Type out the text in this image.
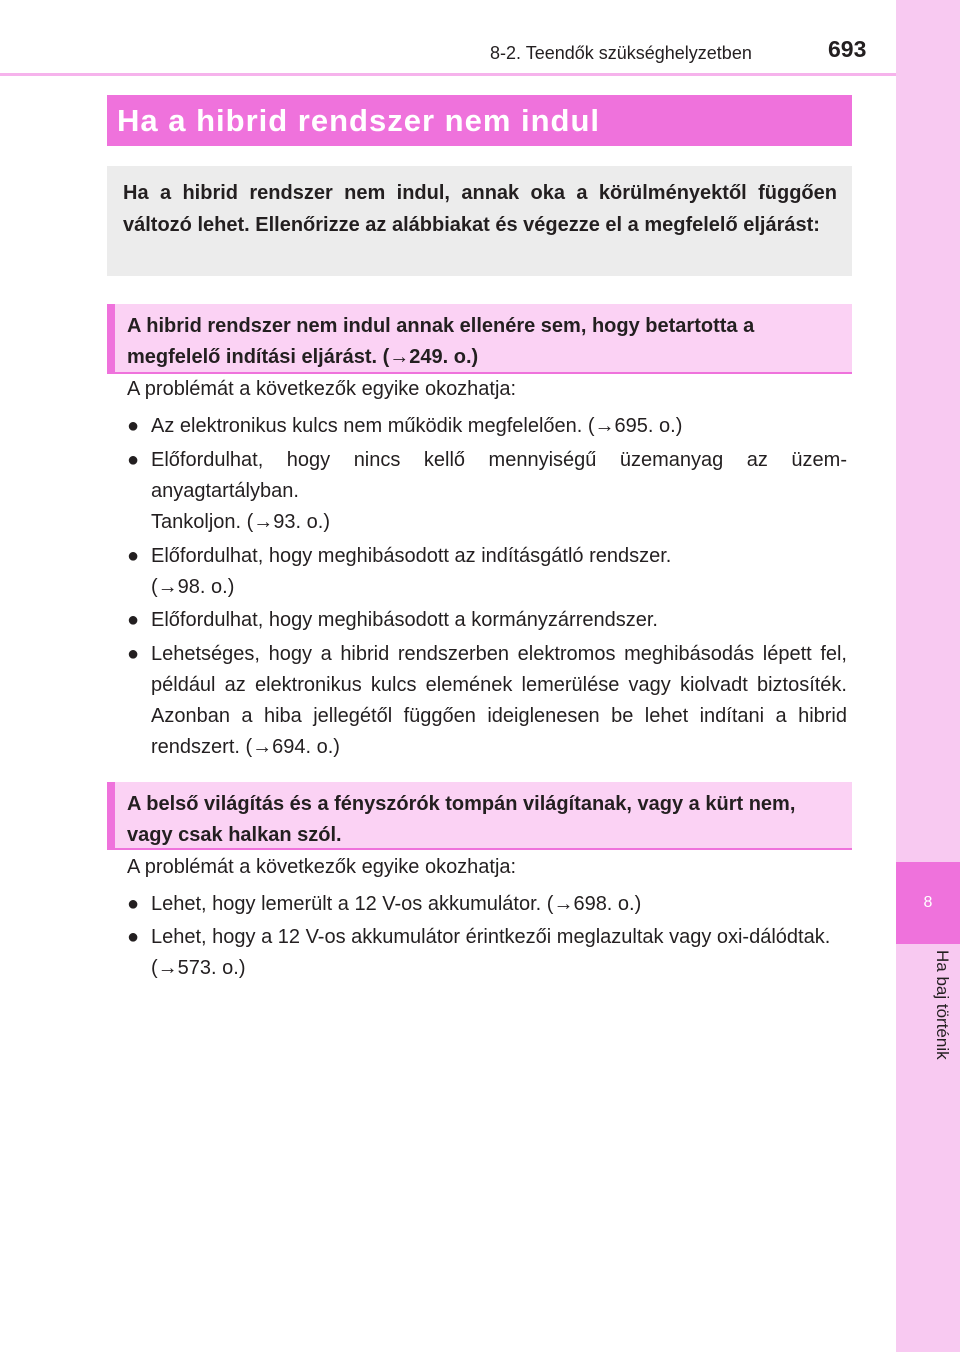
8
Ha baj történik
8-2. Teendők szükséghelyzetben	693
Ha a hibrid rendszer nem indul
Ha a hibrid rendszer nem indul, annak oka a körülményektől függően változó lehet. Ellenőrizze az alábbiakat és végezze el a megfelelő eljárást:
A hibrid rendszer nem indul annak ellenére sem, hogy betartotta a megfelelő indítási eljárást. (→249. o.)
A problémát a következők egyike okozhatja:
● Az elektronikus kulcs nem működik megfelelően. (→695. o.)
● Előfordulhat, hogy nincs kellő mennyiségű üzemanyag az üzem-anyagtartályban.
Tankoljon. (→93. o.)
● Előfordulhat, hogy meghibásodott az indításgátló rendszer.
(→98. o.)
● Előfordulhat, hogy meghibásodott a kormányzárrendszer.
● Lehetséges, hogy a hibrid rendszerben elektromos meghibásodás lépett fel, például az elektronikus kulcs elemének lemerülése vagy kiolvadt biztosíték. Azonban a hiba jellegétől függően ideiglenesen be lehet indítani a hibrid rendszert. (→694. o.)
A belső világítás és a fényszórók tompán világítanak, vagy a kürt nem, vagy csak halkan szól.
A problémát a következők egyike okozhatja:
● Lehet, hogy lemerült a 12 V-os akkumulátor. (→698. o.)
● Lehet, hogy a 12 V-os akkumulátor érintkezői meglazultak vagy oxi-dálódtak.
(→573. o.)
